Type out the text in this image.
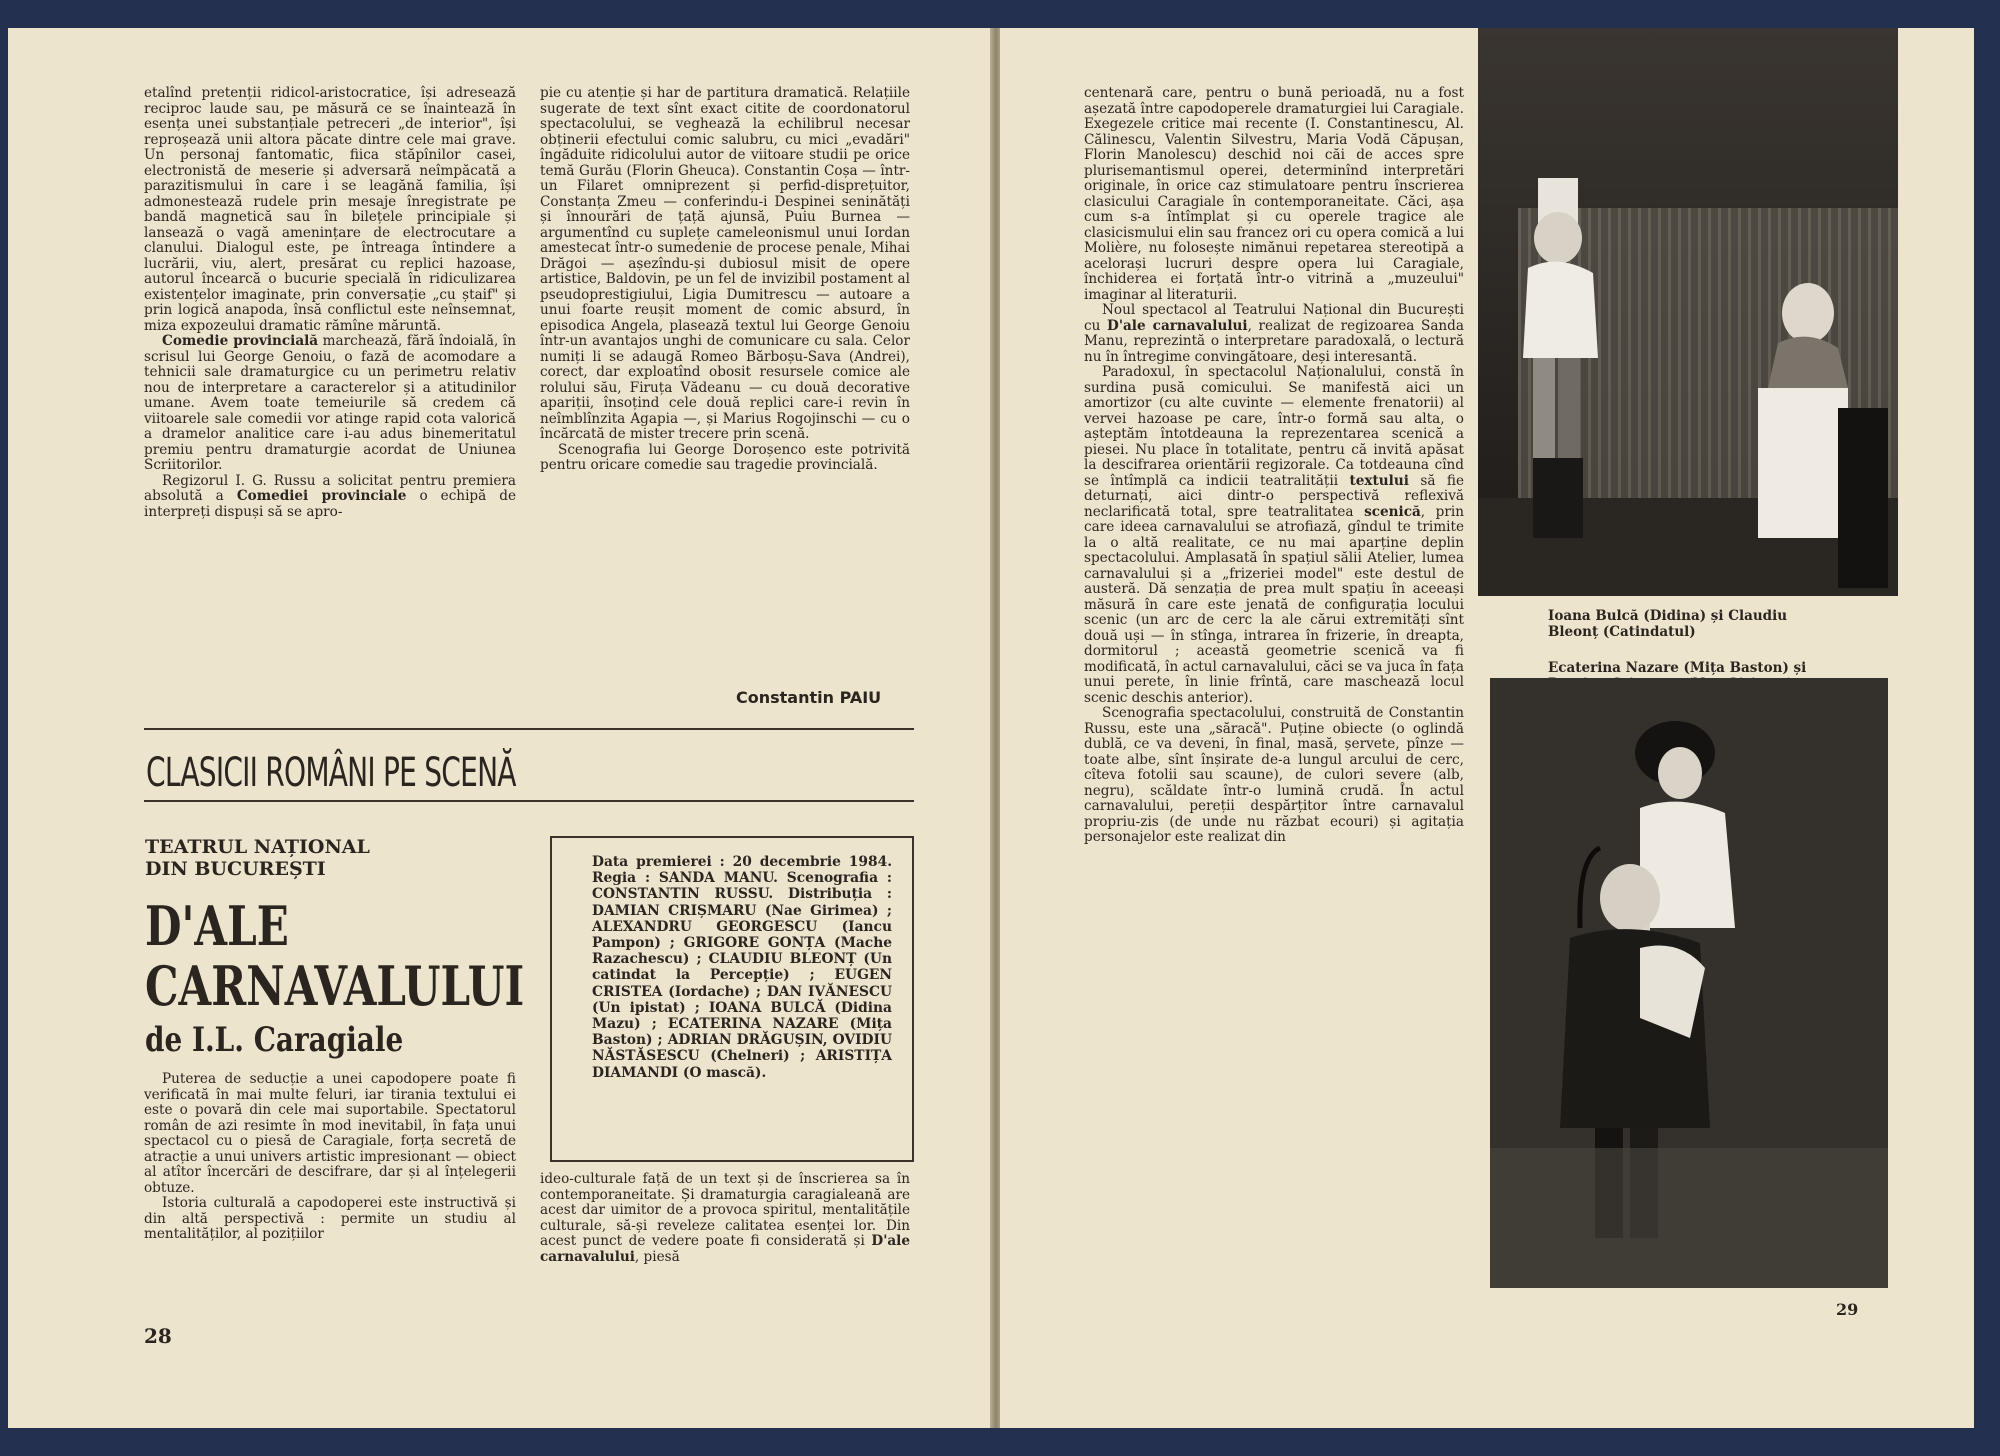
etalînd pretenții ridicol-aristocratice, își adresează reciproc laude sau, pe măsură ce se înaintează în esența unei substanțiale petreceri „de interior", își reproșează unii altora păcate dintre cele mai grave. Un personaj fantomatic, fiica stăpînilor casei, electronistă de meserie și adversară neîmpăcată a parazitismului în care i se leagănă familia, își admonestează rudele prin mesaje înregistrate pe bandă magnetică sau în bilețele principiale și lansează o vagă amenințare de electrocutare a clanului. Dialogul este, pe întreaga întindere a lucrării, viu, alert, presărat cu replici hazoase, autorul încearcă o bucurie specială în ridiculizarea existențelor imaginate, prin conversație „cu ștaif" și prin logică anapoda, însă conflictul este neînsemnat, miza expozeului dramatic rămîne măruntă.

Comedie provincială marchează, fără îndoială, în scrisul lui George Genoiu, o fază de acomodare a tehnicii sale dramaturgice cu un perimetru relativ nou de interpretare a caracterelor și a atitudinilor umane. Avem toate temeiurile să credem că viitoarele sale comedii vor atinge rapid cota valorică a dramelor analitice care i-au adus binemeritatul premiu pentru dramaturgie acordat de Uniunea Scriitorilor.

Regizorul I. G. Russu a solicitat pentru premiera absolută a Comediei provinciale o echipă de interpreți dispuși să se apro-

pie cu atenție și har de partitura dramatică. Relațiile sugerate de text sînt exact citite de coordonatorul spectacolului, se veghează la echilibrul necesar obținerii efectului comic salubru, cu mici „evadări" îngăduite ridicolului autor de viitoare studii pe orice temă Gurău (Florin Gheuca). Constantin Coșa — într-un Filaret omniprezent și perfid-disprețuitor, Constanța Zmeu — conferindu-i Despinei seninătăți și înnourări de țață ajunsă, Puiu Burnea — argumentînd cu suplețe cameleonismul unui Iordan amestecat într-o sumedenie de procese penale, Mihai Drăgoi — așezîndu-și dubiosul misit de opere artistice, Baldovin, pe un fel de invizibil postament al pseudoprestigiului, Ligia Dumitrescu — autoare a unui foarte reușit moment de comic absurd, în episodica Angela, plasează textul lui George Genoiu într-un avantajos unghi de comunicare cu sala. Celor numiți li se adaugă Romeo Bărboșu-Sava (Andrei), corect, dar exploatînd obosit resursele comice ale rolului său, Firuța Vădeanu — cu două decorative apariții, însoțind cele două replici care-i revin în neîmblînzita Agapia —, și Marius Rogojinschi — cu o încărcată de mister trecere prin scenă.

Scenografia lui George Doroșenco este potrivită pentru oricare comedie sau tragedie provincială.

Constantin PAIU
CLASICII ROMÂNI PE SCENĂ
TEATRUL NAȚIONAL
DIN BUCUREȘTI
D'ALE
CARNAVALULUI
de I.L. Caragiale
Data premierei : 20 decembrie 1984. Regia : SANDA MANU. Scenografia : CONSTANTIN RUSSU. Distribuția : DAMIAN CRIȘMARU (Nae Girimea) ; ALEXANDRU GEORGESCU (Iancu Pampon) ; GRIGORE GONȚA (Mache Razachescu) ; CLAUDIU BLEONȚ (Un catindat la Percepție) ; EUGEN CRISTEA (Iordache) ; DAN IVĂNESCU (Un ipistat) ; IOANA BULCĂ (Didina Mazu) ; ECATERINA NAZARE (Mița Baston) ; ADRIAN DRĂGUȘIN, OVIDIU NĂSTĂSESCU (Chelneri) ; ARISTIȚA DIAMANDI (O mască).

Puterea de seducție a unei capodopere poate fi verificată în mai multe feluri, iar tirania textului ei este o povară din cele mai suportabile. Spectatorul român de azi resimte în mod inevitabil, în fața unui spectacol cu o piesă de Caragiale, forța secretă de atracție a unui univers artistic impresionant — obiect al atîtor încercări de descifrare, dar și al înțelegerii obtuze.

Istoria culturală a capodoperei este instructivă și din altă perspectivă : permite un studiu al mentalităților, al pozițiilor

ideo-culturale față de un text și de înscrierea sa în contemporaneitate. Și dramaturgia caragialeană are acest dar uimitor de a provoca spiritul, mentalitățile culturale, să-și reveleze calitatea esenței lor. Din acest punct de vedere poate fi considerată și D'ale carnavalului, piesă

28

centenară care, pentru o bună perioadă, nu a fost așezată între capodoperele dramaturgiei lui Caragiale. Exegezele critice mai recente (I. Constantinescu, Al. Călinescu, Valentin Silvestru, Maria Vodă Căpușan, Florin Manolescu) deschid noi căi de acces spre plurisemantismul operei, determinînd interpretări originale, în orice caz stimulatoare pentru înscrierea clasicului Caragiale în contemporaneitate. Căci, așa cum s-a întîmplat și cu operele tragice ale clasicismului elin sau francez ori cu opera comică a lui Molière, nu folosește nimănui repetarea stereotipă a acelorași lucruri despre opera lui Caragiale, închiderea ei forțată într-o vitrină a „muzeului" imaginar al literaturii.

Noul spectacol al Teatrului Național din București cu D'ale carnavalului, realizat de regizoarea Sanda Manu, reprezintă o interpretare paradoxală, o lectură nu în întregime convingătoare, deși interesantă.

Paradoxul, în spectacolul Naționalului, constă în surdina pusă comicului. Se manifestă aici un amortizor (cu alte cuvinte — elemente frenatorii) al vervei hazoase pe care, într-o formă sau alta, o așteptăm întotdeauna la reprezentarea scenică a piesei. Nu place în totalitate, pentru că invită apăsat la descifrarea orientării regizorale. Ca totdeauna cînd se întîmplă ca indicii teatralității textului să fie deturnați, aici dintr-o perspectivă reflexivă neclarificată total, spre teatralitatea scenică, prin care ideea carnavalului se atrofiază, gîndul te trimite la o altă realitate, ce nu mai aparține deplin spectacolului. Amplasată în spațiul sălii Atelier, lumea carnavalului și a „frizeriei model" este destul de austeră. Dă senzația de prea mult spațiu în aceeași măsură în care este jenată de configurația locului scenic (un arc de cerc la ale cărui extremități sînt două uși — în stînga, intrarea în frizerie, în dreapta, dormitorul ; această geometrie scenică va fi modificată, în actul carnavalului, căci se va juca în fața unui perete, în linie frîntă, care maschează locul scenic deschis anterior).

Scenografia spectacolului, construită de Constantin Russu, este una „săracă". Puține obiecte (o oglindă dublă, ce va deveni, în final, masă, șervete, pînze — toate albe, sînt înșirate de-a lungul arcului de cerc, cîteva fotolii sau scaune), de culori severe (alb, negru), scăldate într-o lumină crudă. În actul carnavalului, pereții despărțitor între carnavalul propriu-zis (de unde nu răzbat ecouri) și agitația personajelor este realizat din

Ioana Bulcă (Didina) și Claudiu
Bleonț (Catindatul)
Ecaterina Nazare (Mița Baston) și
29
